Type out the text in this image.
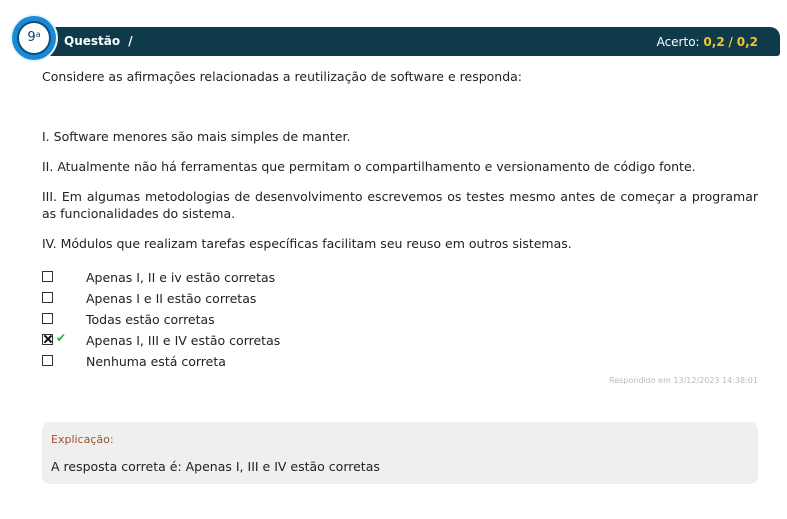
9$^a$	Questão /	Acerto: 0,2 / 0,2
Considere as afirmações relacionadas a reutilização de software e responda:
I. Software menores são mais simples de manter.
II. Atualmente não há ferramentas que permitam o compartilhamento e versionamento de código fonte.
III. Em algumas metodologias de desenvolvimento escrevemos os testes mesmo antes de começar a programar as funcionalidades do sistema.
IV. Módulos que realizam tarefas específicas facilitam seu reuso em outros sistemas.
Apenas I, II e iv estão corretas
Apenas I e II estão corretas
Todas estão corretas
✔ Apenas I, III e IV estão corretas
Nenhuma está correta
Respondido em 13/12/2023 14:38:01
Explicação:
A resposta correta é: Apenas I, III e IV estão corretas
